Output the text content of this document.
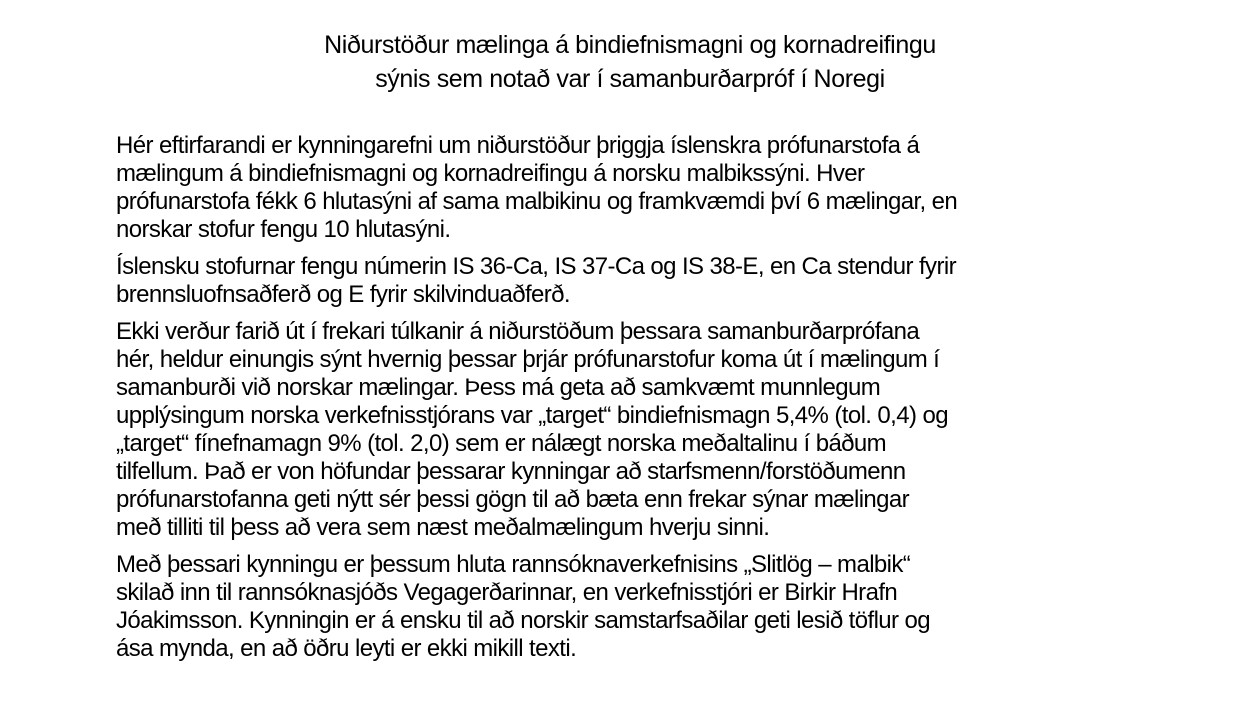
Niðurstöður mælinga á bindiefnismagni og kornadreifingu
sýnis sem notað var í samanburðarpróf í Noregi
Hér eftirfarandi er kynningarefni um niðurstöður þriggja íslenskra prófunarstofa á
mælingum á bindiefnismagni og kornadreifingu á norsku malbikssýni. Hver
prófunarstofa fékk 6 hlutasýni af sama malbikinu og framkvæmdi því 6 mælingar, en
norskar stofur fengu 10 hlutasýni.
Íslensku stofurnar fengu númerin IS 36-Ca, IS 37-Ca og IS 38-E, en Ca stendur fyrir
brennsluofnsaðferð og E fyrir skilvinduaðferð.
Ekki verður farið út í frekari túlkanir á niðurstöðum þessara samanburðarprófana
hér, heldur einungis sýnt hvernig þessar þrjár prófunarstofur koma út í mælingum í
samanburði við norskar mælingar. Þess má geta að samkvæmt munnlegum
upplýsingum norska verkefnisstjórans var „target“ bindiefnismagn 5,4% (tol. 0,4) og
„target“ fínefnamagn 9% (tol. 2,0) sem er nálægt norska meðaltalinu í báðum
tilfellum. Það er von höfundar þessarar kynningar að starfsmenn/forstöðumenn
prófunarstofanna geti nýtt sér þessi gögn til að bæta enn frekar sýnar mælingar
með tilliti til þess að vera sem næst meðalmælingum hverju sinni.
Með þessari kynningu er þessum hluta rannsóknaverkefnisins „Slitlög – malbik“
skilað inn til rannsóknasjóðs Vegagerðarinnar, en verkefnisstjóri er Birkir Hrafn
Jóakimsson. Kynningin er á ensku til að norskir samstarfsaðilar geti lesið töflur og
ása mynda, en að öðru leyti er ekki mikill texti.
